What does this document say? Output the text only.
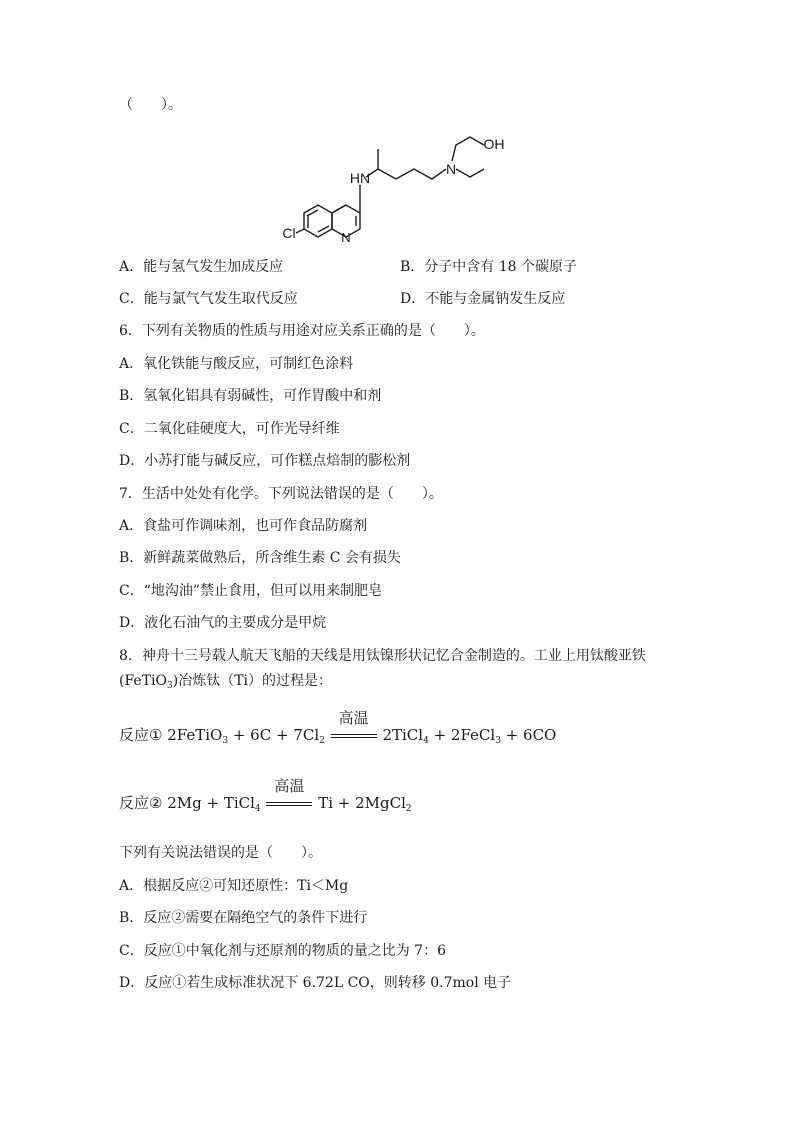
（　　）。
HN
N
N
OH
Cl
A．能与氢气发生加成反应	B．分子中含有 18 个碳原子
C．能与氯气气发生取代反应	D．不能与金属钠发生反应
6．下列有关物质的性质与用途对应关系正确的是（　　）。
A．氧化铁能与酸反应，可制红色涂料
B．氢氧化铝具有弱碱性，可作胃酸中和剂
C．二氧化硅硬度大，可作光导纤维
D．小苏打能与碱反应，可作糕点焙制的膨松剂
7．生活中处处有化学。下列说法错误的是（　　）。
A．食盐可作调味剂，也可作食品防腐剂
B．新鲜蔬菜做熟后，所含维生素 C 会有损失
C．“地沟油”禁止食用，但可以用来制肥皂
D．液化石油气的主要成分是甲烷
8．神舟十三号载人航天飞船的天线是用钛镍形状记忆合金制造的。工业上用钛酸亚铁
(FeTiO$_3$)冶炼钛（Ti）的过程是：
反应① 2FeTiO$_3$ + $6C + 7Cl_2$
高温
2TiCl$_4$ + 2FeCl$_3$ + 6CO
反应② 2Mg + TiCl$_4$
高温
Ti + 2MgCl$_2$
下列有关说法错误的是（　　）。
A．根据反应②可知还原性：Ti＜Mg
B．反应②需要在隔绝空气的条件下进行
C．反应①中氧化剂与还原剂的物质的量之比为 7：6
D．反应①若生成标准状况下 6.72L CO，则转移 0.7mol 电子
